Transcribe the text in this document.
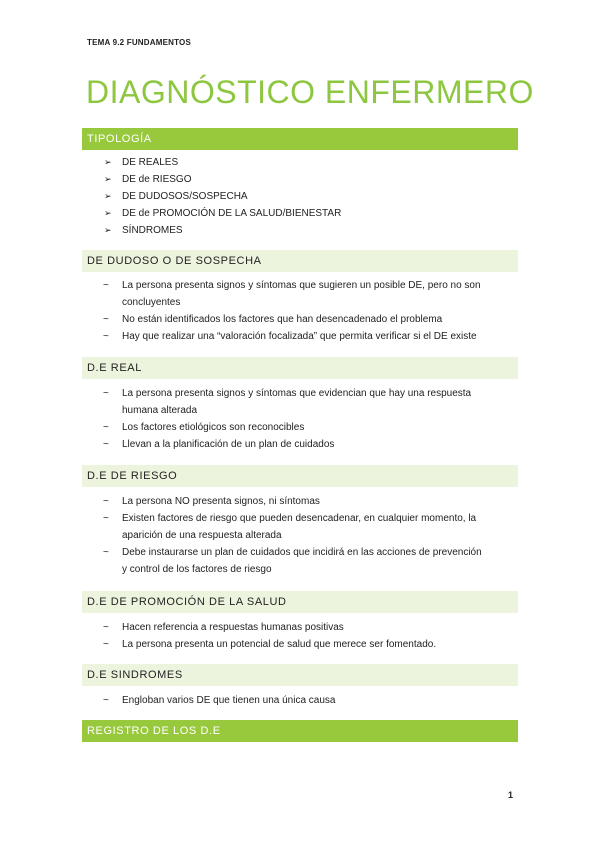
TEMA 9.2 FUNDAMENTOS
DIAGNÓSTICO ENFERMERO
TIPOLOGÍA
➢ DE REALES
➢ DE de RIESGO
➢ DE DUDOSOS/SOSPECHA
➢ DE de PROMOCIÓN DE LA SALUD/BIENESTAR
➢ SÍNDROMES
DE DUDOSO O DE SOSPECHA
~ La persona presenta signos y síntomas que sugieren un posible DE, pero no son
concluyentes
~ No están identificados los factores que han desencadenado el problema
~ Hay que realizar una “valoración focalizada” que permita verificar si el DE existe
D.E REAL
~ La persona presenta signos y síntomas que evidencian que hay una respuesta
humana alterada
~ Los factores etiológicos son reconocibles
~ Llevan a la planificación de un plan de cuidados
D.E DE RIESGO
~ La persona NO presenta signos, ni síntomas
~ Existen factores de riesgo que pueden desencadenar, en cualquier momento, la
aparición de una respuesta alterada
~ Debe instaurarse un plan de cuidados que incidirá en las acciones de prevención
y control de los factores de riesgo
D.E DE PROMOCIÓN DE LA SALUD
~ Hacen referencia a respuestas humanas positivas
~ La persona presenta un potencial de salud que merece ser fomentado.
D.E SINDROMES
~ Engloban varios DE que tienen una única causa
REGISTRO DE LOS D.E
1
